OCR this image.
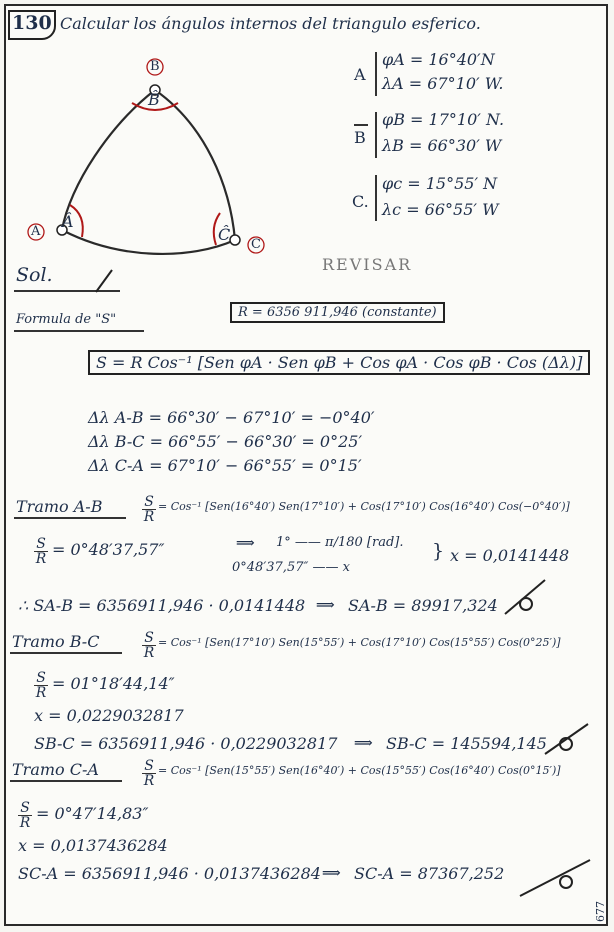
130 Calcular los ángulos internos del triangulo esferico.
B
A
C
B̂
Â
Ĉ
A
φA = 16°40′N
λA = 67°10′ W.
B
φB = 17°10′ N.
λB = 66°30′ W
C.
φc = 15°55′ N
λc = 66°55′ W
REVISAR
Sol.
Formula de "S"	R = 6356 911,946 (constante)
S = R Cos⁻¹ [Sen φA · Sen φB + Cos φA · Cos φB · Cos (Δλ)]
Δλ A-B = 66°30′ − 67°10′ = −0°40′
Δλ B-C = 66°55′ − 66°30′ = 0°25′
Δλ C-A = 67°10′ − 66°55′ = 0°15′
Tramo A-B	S
R
= Cos⁻¹ [Sen(16°40′) Sen(17°10′) + Cos(17°10′) Cos(16°40′) Cos(−0°40′)]
S
R = 0°48′37,57″	⟹ 1° —— π/180 [rad].
0°48′37,57″ —— x
} x = 0,0141448
∴ SA-B = 6356911,946 · 0,0141448 ⟹ SA-B = 89917,324
Tramo B-C	S
R
= Cos⁻¹ [Sen(17°10′) Sen(15°55′) + Cos(17°10′) Cos(15°55′) Cos(0°25′)]
S
R = 01°18′44,14″
x = 0,0229032817
SB-C = 6356911,946 · 0,0229032817 ⟹ SB-C = 145594,145
Tramo C-A	S
R
= Cos⁻¹ [Sen(15°55′) Sen(16°40′) + Cos(15°55′) Cos(16°40′) Cos(0°15′)]
S
R = 0°47′14,83″
x = 0,0137436284
SC-A = 6356911,946 · 0,0137436284 ⟹ SC-A = 87367,252
677
